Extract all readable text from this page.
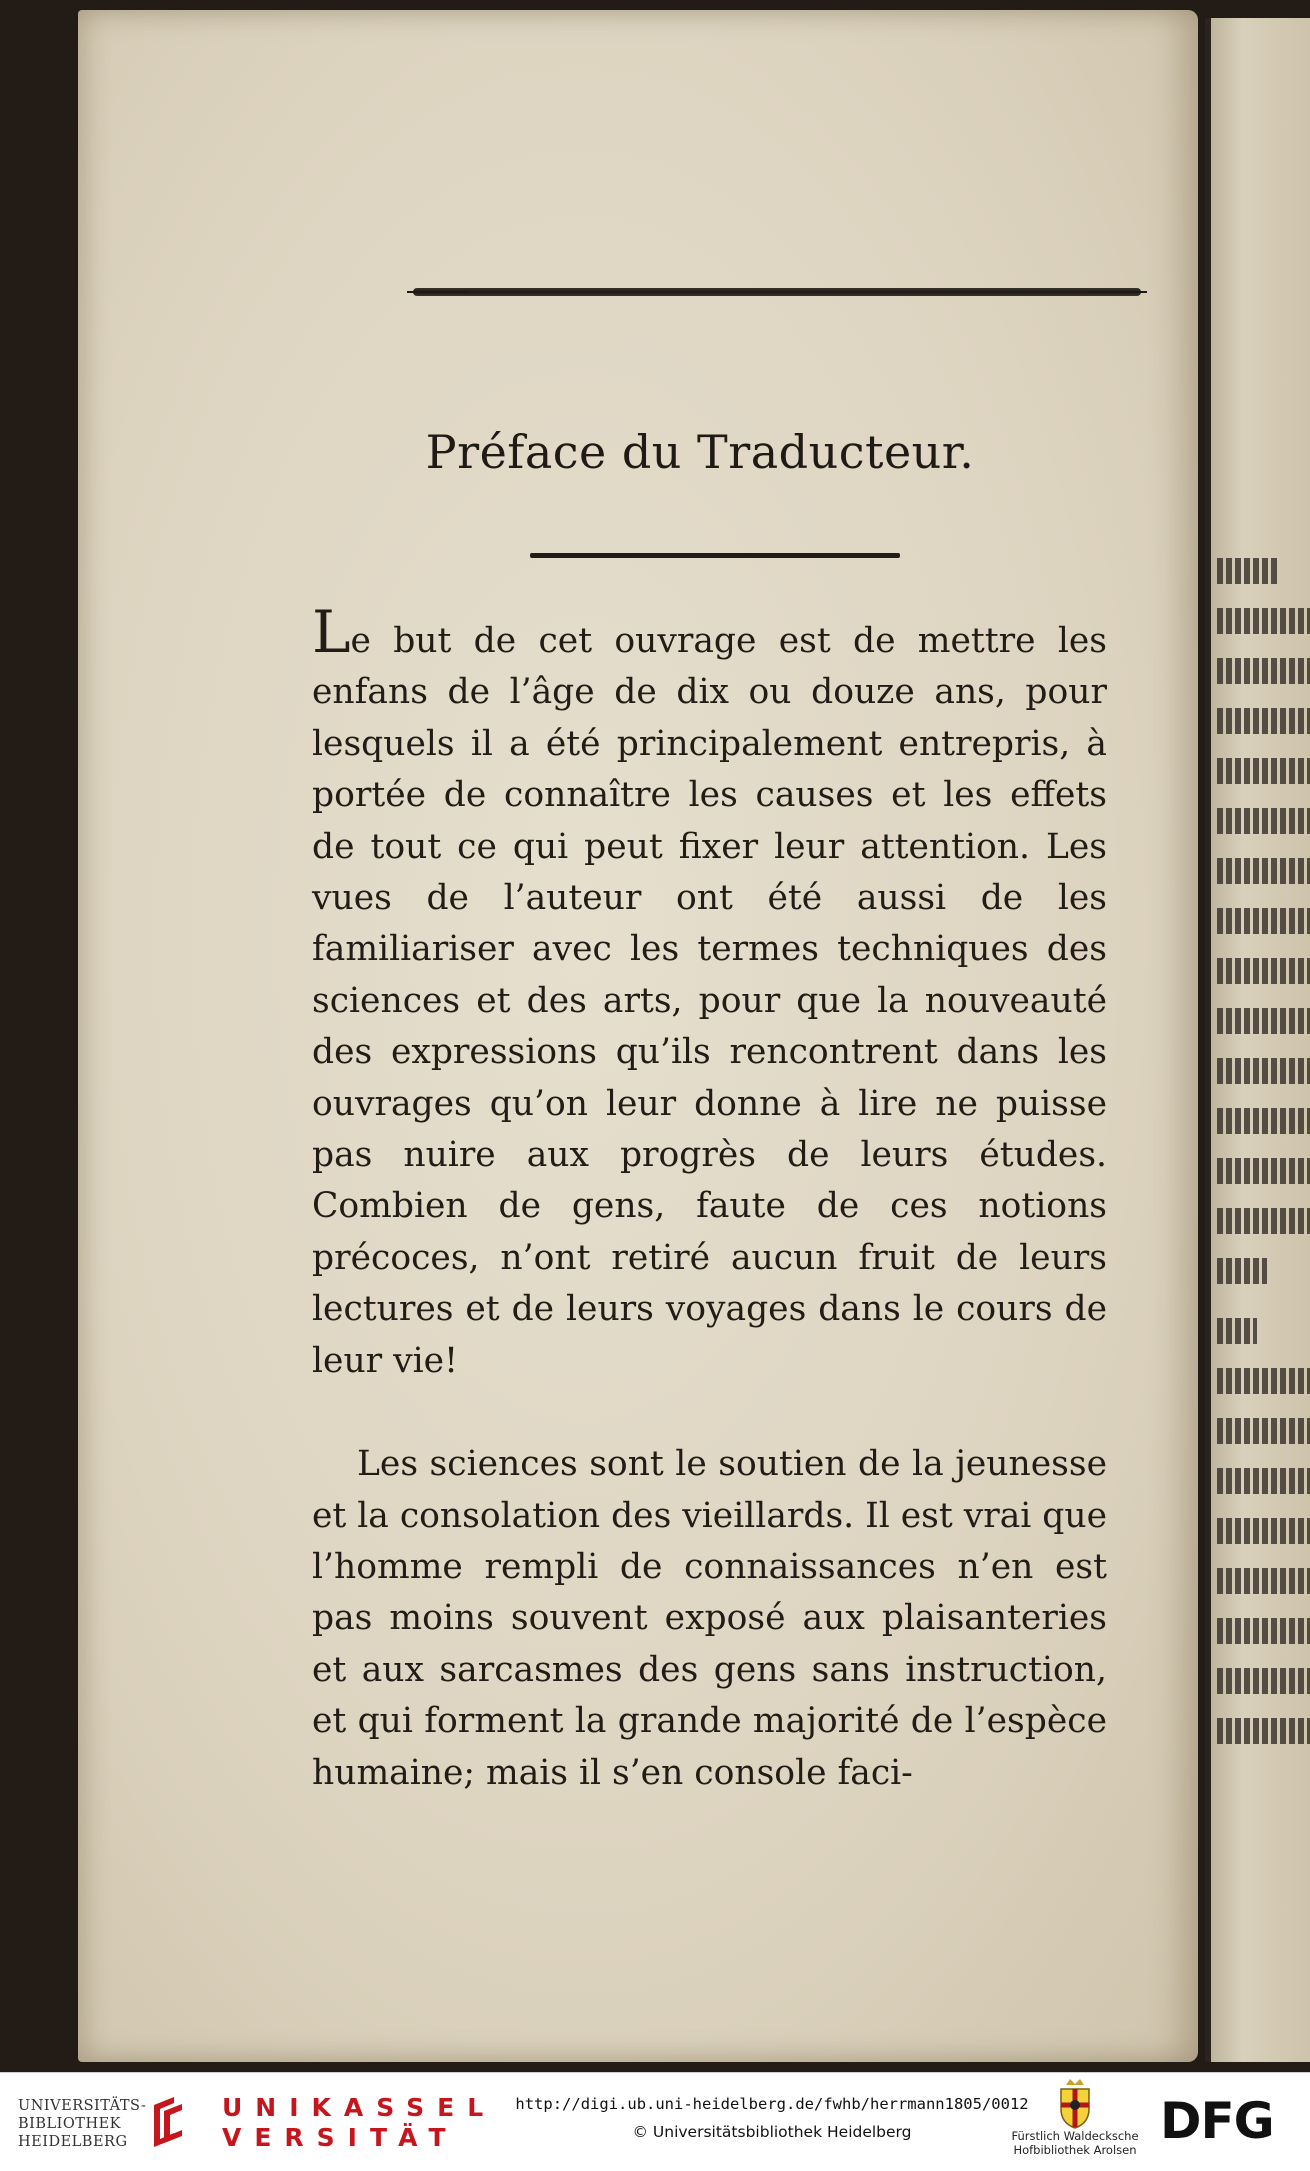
Préface du Traducteur.

Le but de cet ouvrage est de mettre les enfans de l’âge de dix ou douze ans, pour lesquels il a été principalement entrepris, à portée de connaître les causes et les effets de tout ce qui peut fixer leur attention. Les vues de l’auteur ont été aussi de les familiariser avec les termes techniques des sciences et des arts, pour que la nouveauté des expressions qu’ils rencontrent dans les ouvrages qu’on leur donne à lire ne puisse pas nuire aux progrès de leurs études. Combien de gens, faute de ces notions précoces, n’ont retiré aucun fruit de leurs lectures et de leurs voyages dans le cours de leur vie!

Les sciences sont le soutien de la jeunesse et la consolation des vieillards. Il est vrai que l’homme rempli de connaissances n’en est pas moins souvent exposé aux plaisanteries et aux sarcasmes des gens sans instruction, et qui forment la grande majorité de l’espèce humaine; mais il s’en console faci-

UNIVERSITÄTS-
BIBLIOTHEK
HEIDELBERG
UNIKASSEL
VERSITÄT
http://digi.ub.uni-heidelberg.de/fwhb/herrmann1805/0012
© Universitätsbibliothek Heidelberg	Fürstlich Waldecksche
Hofbibliothek Arolsen DFG
